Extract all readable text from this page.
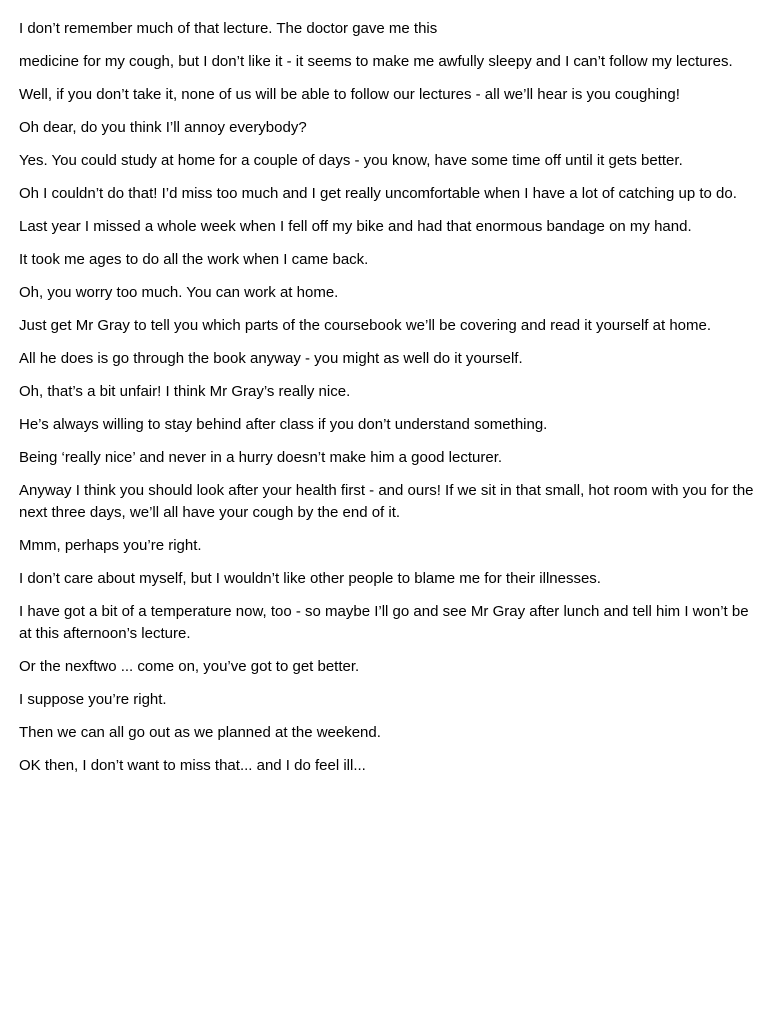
I don’t remember much of that lecture. The doctor gave me this

medicine for my cough, but I don’t like it - it seems to make me awfully sleepy and I can’t follow my lectures.

Well, if you don’t take it, none of us will be able to follow our lectures - all we’ll hear is you coughing!

Oh dear, do you think I’ll annoy everybody?

Yes. You could study at home for a couple of days - you know, have some time off until it gets better.

Oh I couldn’t do that! I’d miss too much and I get really uncomfortable when I have a lot of catching up to do.

Last year I missed a whole week when I fell off my bike and had that enormous bandage on my hand.

It took me ages to do all the work when I came back.

Oh, you worry too much. You can work at home.

Just get Mr Gray to tell you which parts of the coursebook we’ll be covering and read it yourself at home.

All he does is go through the book anyway - you might as well do it yourself.

Oh, that’s a bit unfair! I think Mr Gray’s really nice.

He’s always willing to stay behind after class if you don’t understand something.

Being ‘really nice’ and never in a hurry doesn’t make him a good lecturer.

Anyway I think you should look after your health first - and ours! If we sit in that small, hot room with you for the next three days, we’ll all have your cough by the end of it.

Mmm, perhaps you’re right.

I don’t care about myself, but I wouldn’t like other people to blame me for their illnesses.

I have got a bit of a temperature now, too - so maybe I’ll go and see Mr Gray after lunch and tell him I won’t be at this afternoon’s lecture.

Or the nexftwo ... come on, you’ve got to get better.

I suppose you’re right.

Then we can all go out as we planned at the weekend.

OK then, I don’t want to miss that... and I do feel ill...
